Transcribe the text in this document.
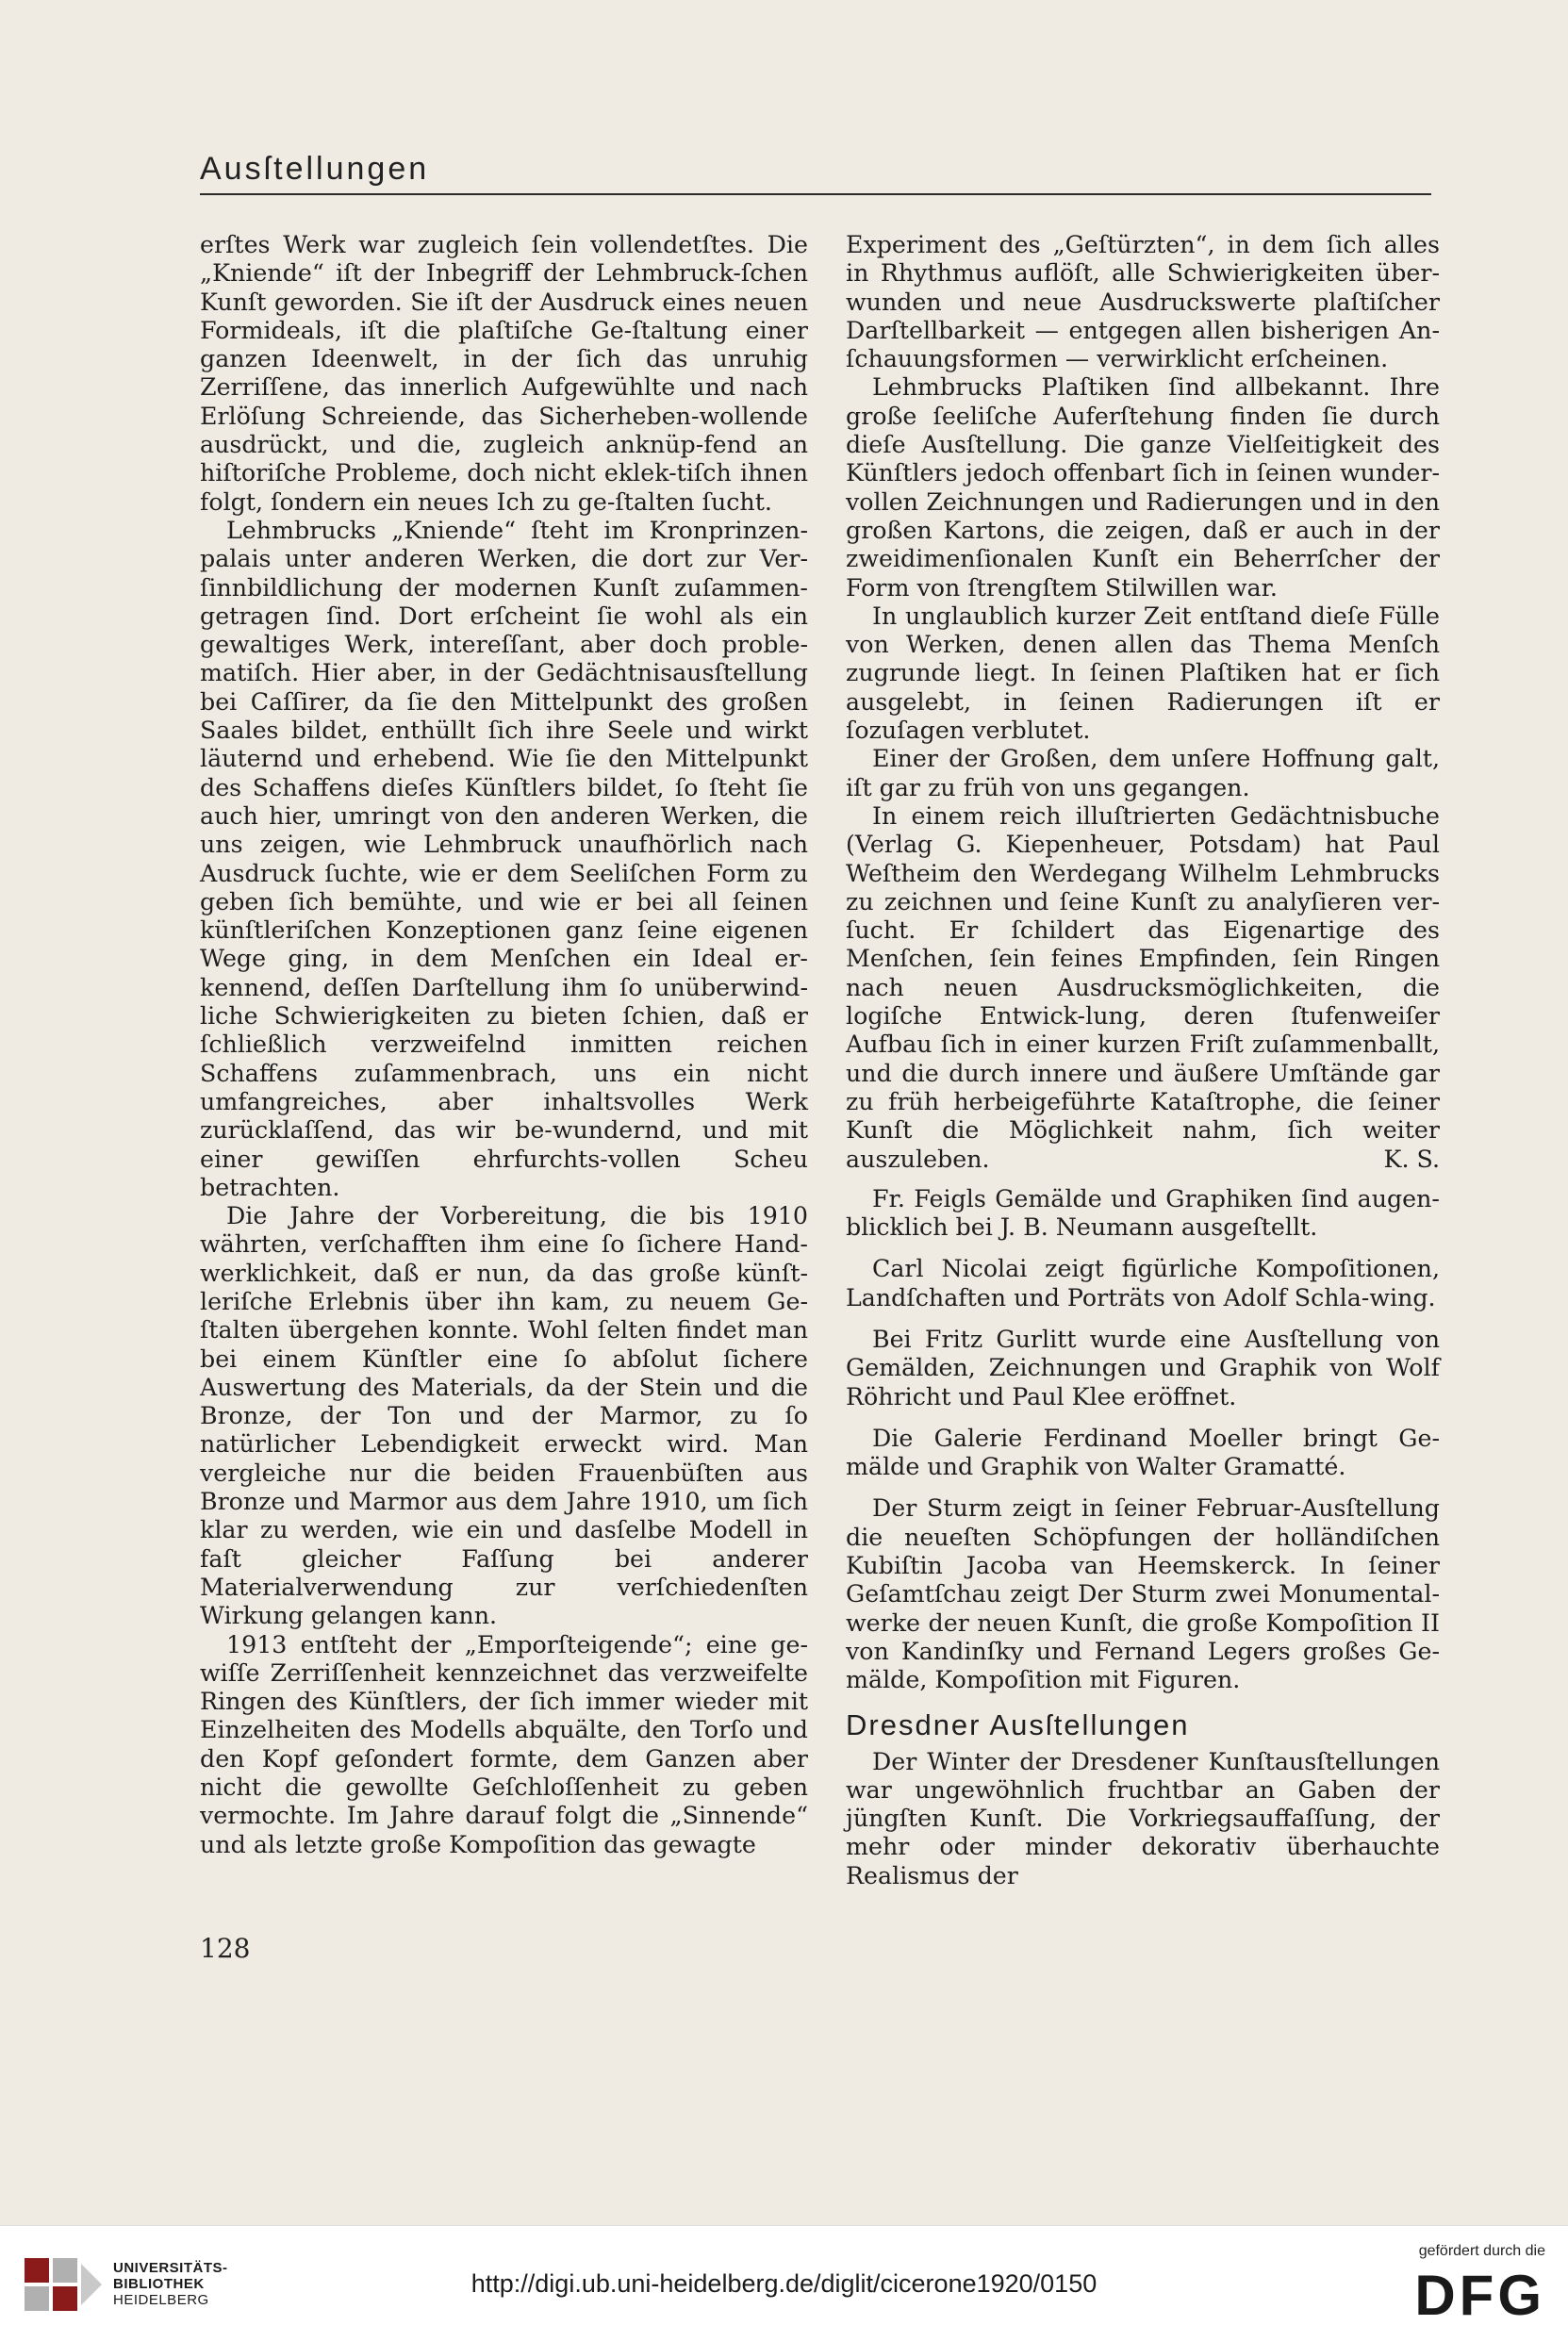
Ausſtellungen

erſtes Werk war zugleich ſein vollendetſtes. Die „Kniende“ iſt der Inbegriff der Lehmbruck-ſchen Kunſt geworden. Sie iſt der Ausdruck eines neuen Formideals, iſt die plaſtiſche Ge-ſtaltung einer ganzen Ideenwelt, in der ſich das unruhig Zerriſſene, das innerlich Aufgewühlte und nach Erlöſung Schreiende, das Sicherheben-wollende ausdrückt, und die, zugleich anknüp-fend an hiſtoriſche Probleme, doch nicht eklek-tiſch ihnen folgt, ſondern ein neues Ich zu ge-ſtalten ſucht.

Lehmbrucks „Kniende“ ſteht im Kronprinzen-palais unter anderen Werken, die dort zur Ver-ſinnbildlichung der modernen Kunſt zuſammen-getragen ſind. Dort erſcheint ſie wohl als ein gewaltiges Werk, intereſſant, aber doch proble-matiſch. Hier aber, in der Gedächtnisausſtellung bei Caſſirer, da ſie den Mittelpunkt des großen Saales bildet, enthüllt ſich ihre Seele und wirkt läuternd und erhebend. Wie ſie den Mittelpunkt des Schaffens dieſes Künſtlers bildet, ſo ſteht ſie auch hier, umringt von den anderen Werken, die uns zeigen, wie Lehmbruck unaufhörlich nach Ausdruck ſuchte, wie er dem Seeliſchen Form zu geben ſich bemühte, und wie er bei all ſeinen künſtleriſchen Konzeptionen ganz ſeine eigenen Wege ging, in dem Menſchen ein Ideal er-kennend, deſſen Darſtellung ihm ſo unüberwind-liche Schwierigkeiten zu bieten ſchien, daß er ſchließlich verzweifelnd inmitten reichen Schaffens zuſammenbrach, uns ein nicht umfangreiches, aber inhaltsvolles Werk zurücklaſſend, das wir be-wundernd, und mit einer gewiſſen ehrfurchts-vollen Scheu betrachten.

Die Jahre der Vorbereitung, die bis 1910 währten, verſchafften ihm eine ſo ſichere Hand-werklichkeit, daß er nun, da das große künſt-leriſche Erlebnis über ihn kam, zu neuem Ge-ſtalten übergehen konnte. Wohl ſelten findet man bei einem Künſtler eine ſo abſolut ſichere Auswertung des Materials, da der Stein und die Bronze, der Ton und der Marmor, zu ſo natürlicher Lebendigkeit erweckt wird. Man vergleiche nur die beiden Frauenbüſten aus Bronze und Marmor aus dem Jahre 1910, um ſich klar zu werden, wie ein und dasſelbe Modell in faſt gleicher Faſſung bei anderer Materialverwendung zur verſchiedenſten Wirkung gelangen kann.

1913 entſteht der „Emporſteigende“; eine ge-wiſſe Zerriſſenheit kennzeichnet das verzweifelte Ringen des Künſtlers, der ſich immer wieder mit Einzelheiten des Modells abquälte, den Torſo und den Kopf geſondert formte, dem Ganzen aber nicht die gewollte Geſchloſſenheit zu geben vermochte. Im Jahre darauf folgt die „Sinnende“ und als letzte große Kompoſition das gewagte

Experiment des „Geſtürzten“, in dem ſich alles in Rhythmus auflöſt, alle Schwierigkeiten über-wunden und neue Ausdruckswerte plaſtiſcher Darſtellbarkeit — entgegen allen bisherigen An-ſchauungsformen — verwirklicht erſcheinen.

Lehmbrucks Plaſtiken ſind allbekannt. Ihre große ſeeliſche Auferſtehung finden ſie durch dieſe Ausſtellung. Die ganze Vielſeitigkeit des Künſtlers jedoch offenbart ſich in ſeinen wunder-vollen Zeichnungen und Radierungen und in den großen Kartons, die zeigen, daß er auch in der zweidimenſionalen Kunſt ein Beherrſcher der Form von ſtrengſtem Stilwillen war.

In unglaublich kurzer Zeit entſtand dieſe Fülle von Werken, denen allen das Thema Menſch zugrunde liegt. In ſeinen Plaſtiken hat er ſich ausgelebt, in ſeinen Radierungen iſt er ſozuſagen verblutet.

Einer der Großen, dem unſere Hoffnung galt, iſt gar zu früh von uns gegangen.

In einem reich illuſtrierten Gedächtnisbuche (Verlag G. Kiepenheuer, Potsdam) hat Paul Weſtheim den Werdegang Wilhelm Lehmbrucks zu zeichnen und ſeine Kunſt zu analyſieren ver-ſucht. Er ſchildert das Eigenartige des Menſchen, ſein feines Empfinden, ſein Ringen nach neuen Ausdrucksmöglichkeiten, die logiſche Entwick-lung, deren ſtufenweiſer Aufbau ſich in einer kurzen Friſt zuſammenballt, und die durch innere und äußere Umſtände gar zu früh herbeigeführte Kataſtrophe, die ſeiner Kunſt die Möglichkeit nahm, ſich weiter auszuleben.	K. S.

Fr. Feigls Gemälde und Graphiken ſind augen-blicklich bei J. B. Neumann ausgeſtellt.

Carl Nicolai zeigt figürliche Kompoſitionen, Landſchaften und Porträts von Adolf Schla-wing.

Bei Fritz Gurlitt wurde eine Ausſtellung von Gemälden, Zeichnungen und Graphik von Wolf Röhricht und Paul Klee eröffnet.

Die Galerie Ferdinand Moeller bringt Ge-mälde und Graphik von Walter Gramatté.

Der Sturm zeigt in ſeiner Februar-Ausſtellung die neueſten Schöpfungen der holländiſchen Kubiſtin Jacoba van Heemskerck. In ſeiner Geſamtſchau zeigt Der Sturm zwei Monumental-werke der neuen Kunſt, die große Kompoſition II von Kandinſky und Fernand Legers großes Ge-mälde, Kompoſition mit Figuren.

Dresdner Ausſtellungen

Der Winter der Dresdener Kunſtausſtellungen war ungewöhnlich fruchtbar an Gaben der jüngſten Kunſt. Die Vorkriegsauffaſſung, der mehr oder minder dekorativ überhauchte Realismus der

128
UNIVERSITÄTS-
BIBLIOTHEK
HEIDELBERG
http://digi.ub.uni-heidelberg.de/diglit/cicerone1920/0150
gefördert durch die
DFG
